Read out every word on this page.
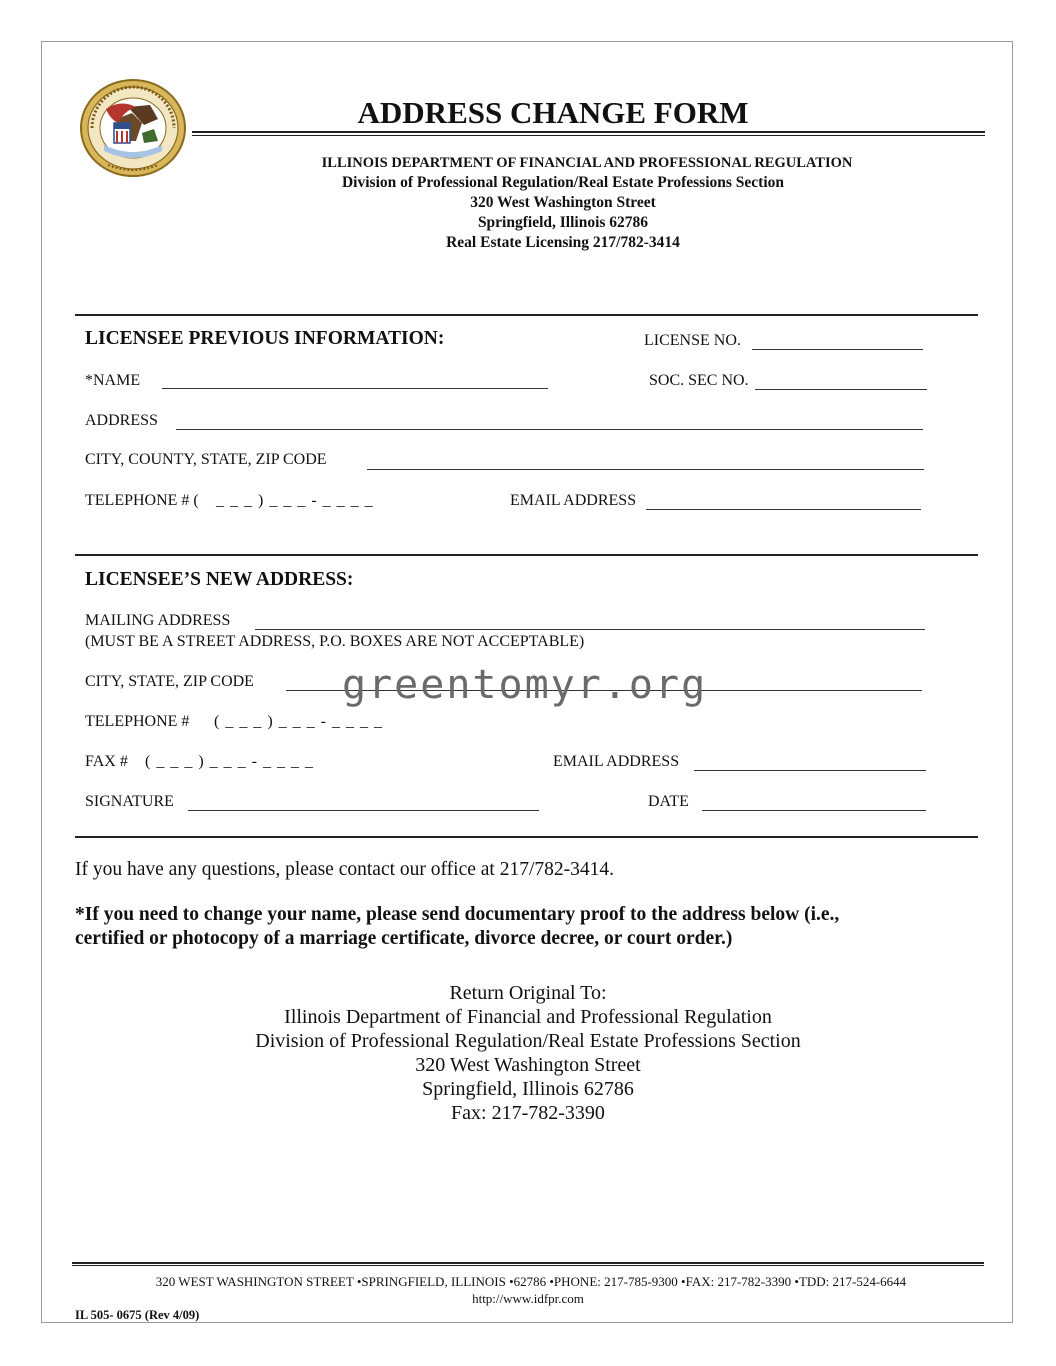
ADDRESS CHANGE FORM
ILLINOIS DEPARTMENT OF FINANCIAL AND PROFESSIONAL REGULATION
Division of Professional Regulation/Real Estate Professions Section
320 West Washington Street
Springfield, Illinois 62786
Real Estate Licensing 217/782-3414
LICENSEE PREVIOUS INFORMATION:	LICENSE NO.
*NAME	SOC. SEC NO.
ADDRESS
CITY, COUNTY, STATE, ZIP CODE
TELEPHONE # ( _ _ _ ) _ _ _ - _ _ _ _	EMAIL ADDRESS
LICENSEE’S NEW ADDRESS:
MAILING ADDRESS
(MUST BE A STREET ADDRESS, P.O. BOXES ARE NOT ACCEPTABLE)
CITY, STATE, ZIP CODE
TELEPHONE # ( _ _ _ ) _ _ _ - _ _ _ _
FAX # ( _ _ _ ) _ _ _ - _ _ _ _	EMAIL ADDRESS
SIGNATURE	DATE
greentomyr.org
If you have any questions, please contact our office at 217/782-3414.
*If you need to change your name, please send documentary proof to the address below (i.e.,
certified or photocopy of a marriage certificate, divorce decree, or court order.)
Return Original To:
Illinois Department of Financial and Professional Regulation
Division of Professional Regulation/Real Estate Professions Section
320 West Washington Street
Springfield, Illinois 62786
Fax: 217-782-3390
320 WEST WASHINGTON STREET •SPRINGFIELD, ILLINOIS •62786 •PHONE: 217-785-9300 •FAX: 217-782-3390 •TDD: 217-524-6644
http://www.idfpr.com
IL 505- 0675 (Rev 4/09)
